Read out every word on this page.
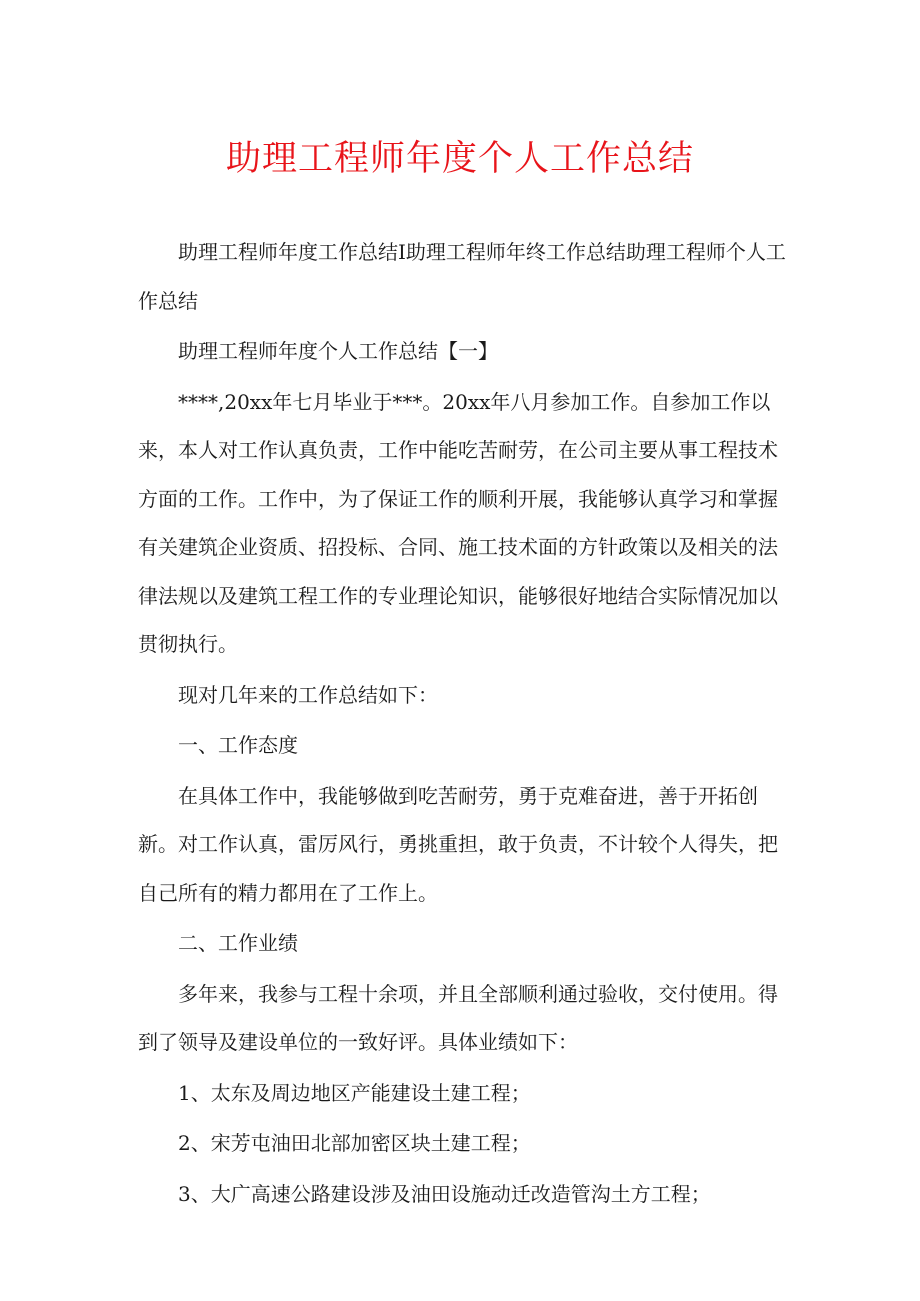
助理工程师年度个人工作总结

助理工程师年度工作总结I助理工程师年终工作总结助理工程师个人工作总结

助理工程师年度个人工作总结【一】

****,20xx年七月毕业于***。20xx年八月参加工作。自参加工作以来，本人对工作认真负责，工作中能吃苦耐劳，在公司主要从事工程技术方面的工作。工作中，为了保证工作的顺利开展，我能够认真学习和掌握有关建筑企业资质、招投标、合同、施工技术面的方针政策以及相关的法律法规以及建筑工程工作的专业理论知识，能够很好地结合实际情况加以贯彻执行。

现对几年来的工作总结如下：

一、工作态度

在具体工作中，我能够做到吃苦耐劳，勇于克难奋进，善于开拓创新。对工作认真，雷厉风行，勇挑重担，敢于负责，不计较个人得失，把自己所有的精力都用在了工作上。

二、工作业绩

多年来，我参与工程十余项，并且全部顺利通过验收，交付使用。得到了领导及建设单位的一致好评。具体业绩如下：

1、太东及周边地区产能建设土建工程；

2、宋芳屯油田北部加密区块土建工程；

3、大广高速公路建设涉及油田设施动迁改造管沟土方工程；
